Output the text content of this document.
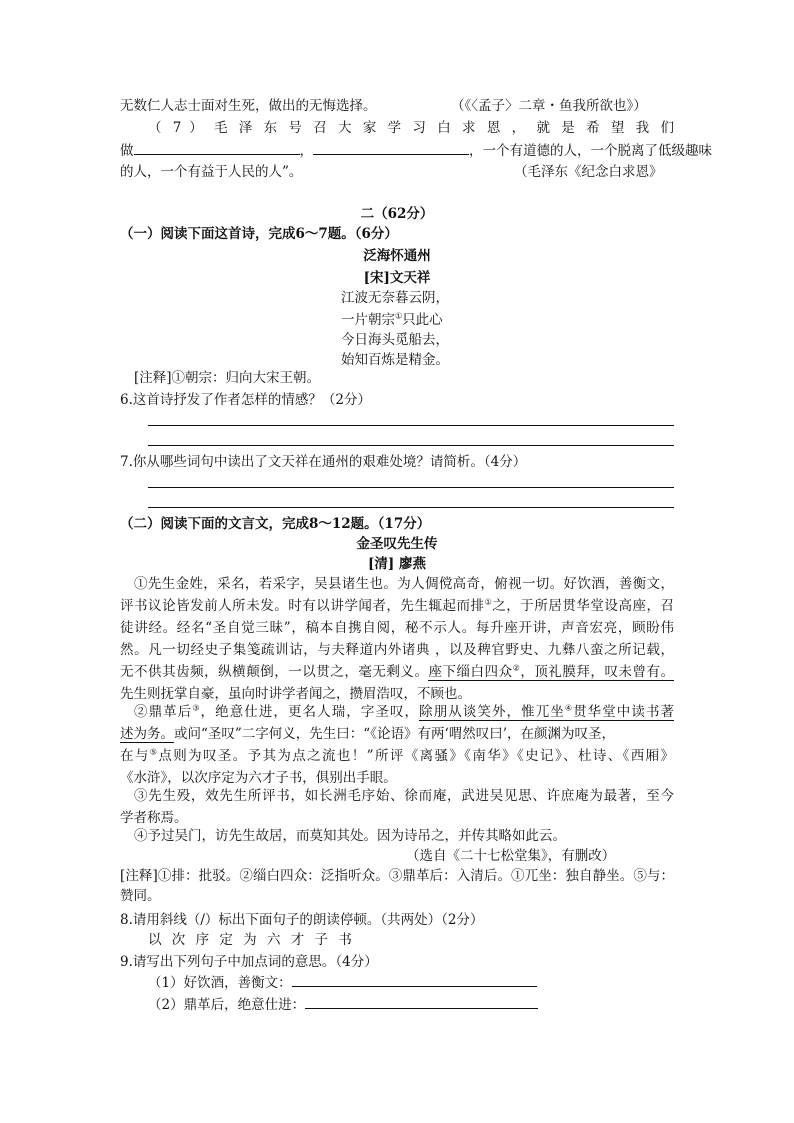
无数仁人志士面对生死，做出的无悔选择。	（《〈孟子〉二章・鱼我所欲也》）
（ 7 ） 毛 泽 东 号 召 大 家 学 习 白 求 恩 ， 就 是 希 望 我 们
做	，	，一个有道德的人，一个脱离了低级趣味
的人，一个有益于人民的人”。	（毛泽东《纪念白求恩》
二（62分）
（一）阅读下面这首诗，完成6～7题。（6分）
泛海怀通州
[宋]文天祥
江波无奈暮云阴，
一片朝宗①只此心
今日海头觅船去，
始知百炼是精金。
[注释]①朝宗：归向大宋王朝。
6.这首诗抒发了作者怎样的情感？（2分）
7.你从哪些词句中读出了文天祥在通州的艰难处境？请简析。（4分）
（二）阅读下面的文言文，完成8～12题。（17分）
金圣叹先生传
[清] 廖燕
①先生金姓，采名，若采字，吴县诸生也。为人倜傥高奇，俯视一切。好饮酒，善衡文，
评书议论皆发前人所未发。时有以讲学闻者，先生辄起而排①之，于所居贯华堂设高座，召
徒讲经。经名“圣自觉三昧”，稿本自携自阅，秘不示人。每升座开讲，声音宏亮，顾盼伟
然。凡一切经史子集笺疏训诂，与夫释道内外诸典 ，以及稗官野史、九彝八蛮之所记载，
无不供其齿频，纵横颠倒，一以贯之，毫无剩义。座下缁白四众②，顶礼膜拜，叹未曾有。
先生则抚掌自豪，虽向时讲学者闻之，攒眉浩叹，不顾也。
②鼎革后③，绝意仕进，更名人瑞，字圣叹，除朋从谈笑外，惟兀坐④贯华堂中读书著
述为务。或问“圣叹”二字何义，先生曰：“《论语》有两‘喟然叹曰’，在颜渊为叹圣，
在与⑤点则为叹圣。予其为点之流也！”所评《离骚》《南华》《史记》、杜诗、《西厢》
《水浒》，以次序定为六才子书，俱别出手眼。
③先生殁，效先生所评书，如长洲毛序始、徐而庵，武进吴见思、许庶庵为最著，至今
学者称焉。
④予过吴门，访先生故居，而莫知其处。因为诗吊之，并传其略如此云。
（选自《二十七松堂集》，有删改）
[注释]①排：批驳。②缁白四众：泛指听众。③鼎革后：入清后。①兀坐：独自静坐。⑤与：
赞同。
8.请用斜线（/）标出下面句子的朗读停顿。（共两处）（2分）
以 次 序 定 为 六 才 子 书
9.请写出下列句子中加点词的意思。（4分）
（1）好饮酒，善衡文：
（2）鼎革后，绝意仕进：
